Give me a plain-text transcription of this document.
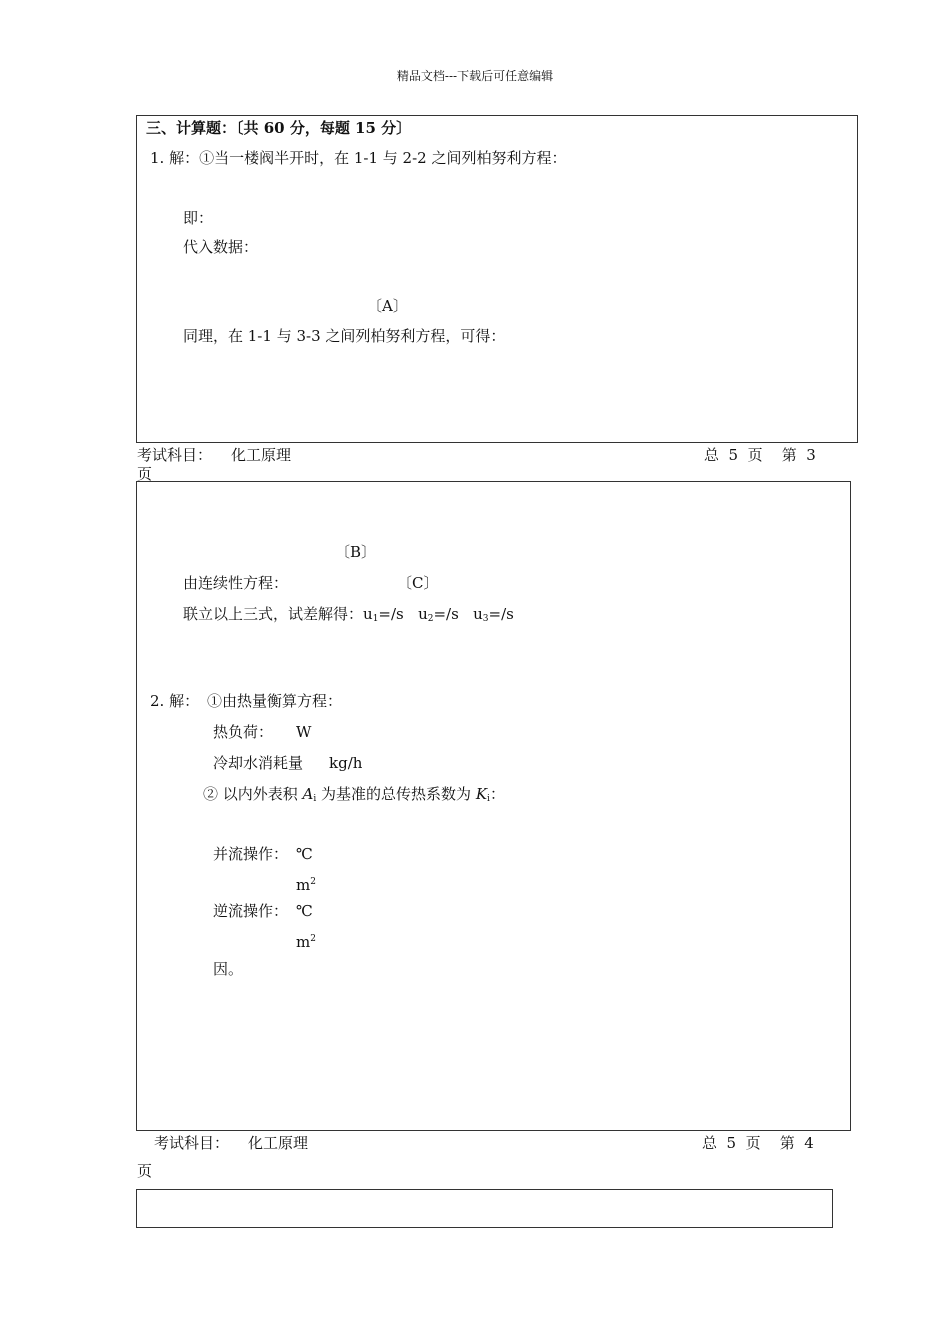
精品文档---下载后可任意编辑
三、计算题：〔共 60 分，每题 15 分〕
1. 解：①当一楼阀半开时，在 1-1 与 2-2 之间列柏努利方程：
即：
代入数据：
〔A〕
同理，在 1-1 与 3-3 之间列柏努利方程，可得：
考试科目： 化工原理	总  5  页    第  3
页
〔B〕
由连续性方程：	〔C〕
联立以上三式，试差解得：$u_1=/s$ $u_2=/s$ $u_3=/s$
2. 解： ①由热量衡算方程：
热负荷： W
冷却水消耗量 kg/h
② 以内外表积 $A_i$ 为基准的总传热系数为 $K_i$：
并流操作： ℃
$m^2$
逆流操作： ℃
$m^2$
因。
考试科目： 化工原理	总  5  页    第  4
页
